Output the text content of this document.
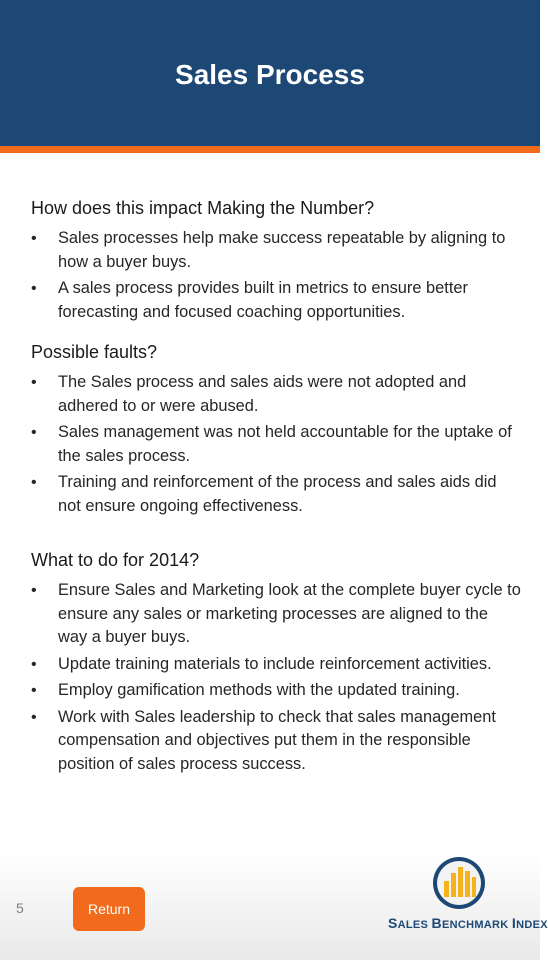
Sales Process
How does this impact Making the Number?
• Sales processes help make success repeatable by aligning to how a buyer buys.
• A sales process provides built in metrics to ensure better forecasting and focused coaching opportunities.
Possible faults?
• The Sales process and sales aids were not adopted and adhered to or were abused.
• Sales management was not held accountable for the uptake of the sales process.
• Training and reinforcement of the process and sales aids did not ensure ongoing effectiveness.
What to do for 2014?
• Ensure Sales and Marketing look at the complete buyer cycle to ensure any sales or marketing processes are aligned to the way a buyer buys.
• Update training materials to include reinforcement activities.
• Employ gamification methods with the updated training.
• Work with Sales leadership to check that sales management compensation and objectives put them in the responsible position of sales process success.
5	Return
SALES BENCHMARK INDEX
